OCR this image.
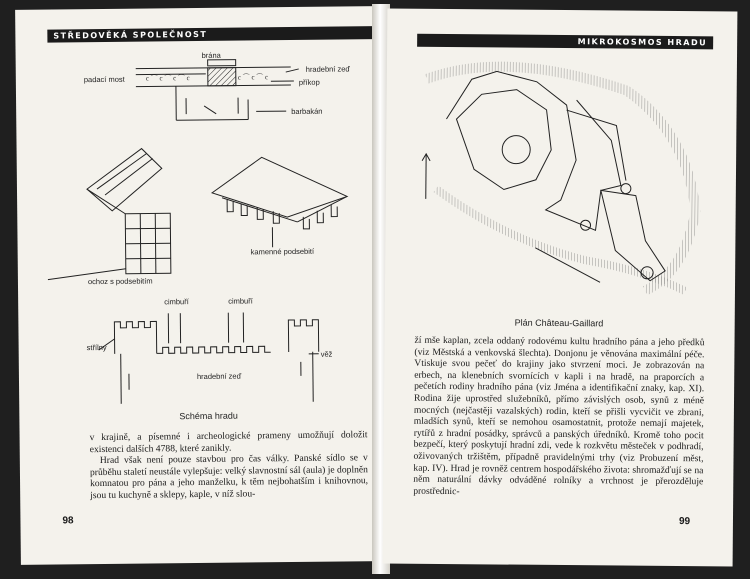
STŘEDOVĚKÁ SPOLEČNOST
c ⌒ c ⌒ c ⌒ c	c ⌒ c ⌒ c
brána
hradební zeď
padací most	příkop
barbakán
kamenné podsebití
ochoz s podsebitím
cimbuří	cimbuří
střílny
věž
hradební zeď
Schéma hradu

v krajině, a písemné i archeologické prameny umožňují doložit existenci dalších 4788, které zanikly.

Hrad však není pouze stavbou pro čas války. Panské sídlo se v průběhu staletí neustále vylepšuje: velký slavnostní sál (aula) je doplněn komnatou pro pána a jeho manželku, k těm nejbohatším i knihovnou, jsou tu kuchyně a sklepy, kaple, v níž slou-

98
MIKROKOSMOS HRADU
Plán Château-Gaillard

ží mše kaplan, zcela oddaný rodovému kultu hradního pána a jeho předků (viz Městská a venkovská šlechta). Donjonu je věnována maximální péče. Vtiskuje svou pečeť do krajiny jako stvrzení moci. Je zobrazován na erbech, na klenebních svornících v kapli i na hradě, na praporcích a pečetích rodiny hradního pána (viz Jména a identifikační znaky, kap. XI). Rodina žije uprostřed služebníků, přímo závislých osob, synů z méně mocných (nejčastěji vazalských) rodin, kteří se přišli vycvičit ve zbrani, mladších synů, kteří se nemohou osamostatnit, protože nemají majetek, rytířů z hradní posádky, správců a panských úředníků. Kromě toho pocit bezpečí, který poskytují hradní zdi, vede k rozkvětu městeček v podhradí, oživovaných tržištěm, případně pravidelnými trhy (viz Probuzení měst, kap. IV). Hrad je rovněž centrem hospodářského života: shromažďují se na něm naturální dávky odváděné rolníky a vrchnost je přerozděluje prostřednic-

99
